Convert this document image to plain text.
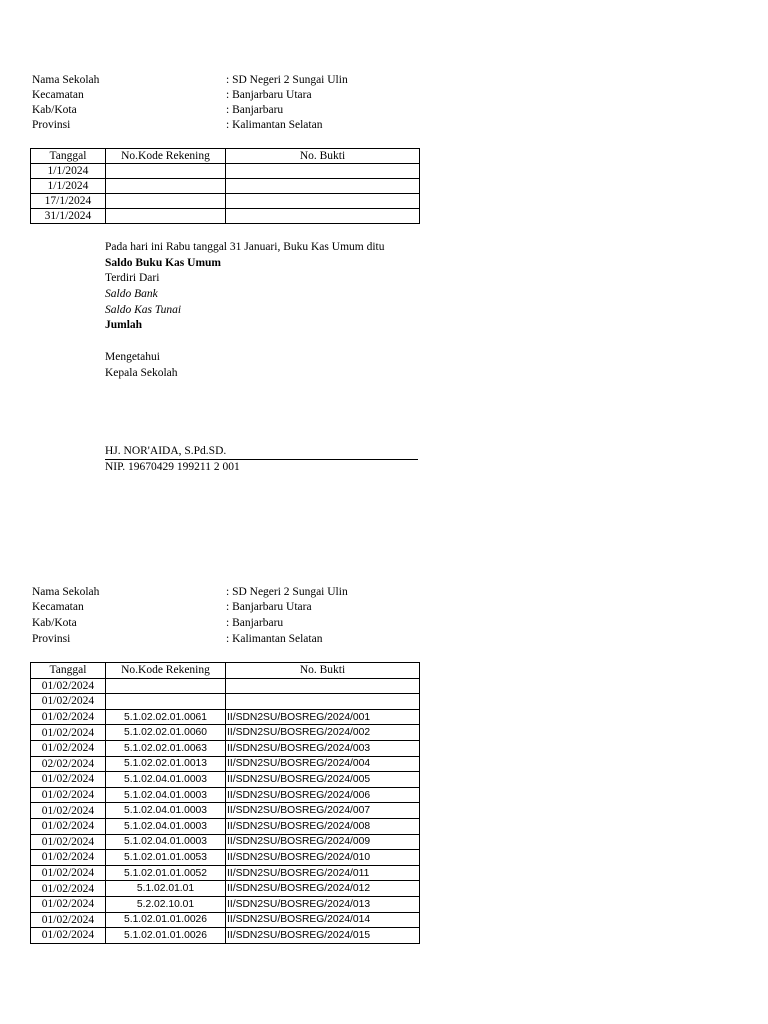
Nama Sekolah	: SD Negeri 2 Sungai Ulin
Kecamatan	: Banjarbaru Utara
Kab/Kota	: Banjarbaru
Provinsi	: Kalimantan Selatan
Tanggal	No.Kode Rekening	No. Bukti
1/1/2024		
1/1/2024		
17/1/2024		
31/1/2024		
Pada hari ini Rabu tanggal 31 Januari, Buku Kas Umum ditu
Saldo Buku Kas Umum
Terdiri Dari
Saldo Bank
Saldo Kas Tunai
Jumlah
Mengetahui
Kepala Sekolah
HJ. NOR'AIDA, S.Pd.SD.
NIP. 19670429 199211 2 001
Nama Sekolah	: SD Negeri 2 Sungai Ulin
Kecamatan	: Banjarbaru Utara
Kab/Kota	: Banjarbaru
Provinsi	: Kalimantan Selatan
Tanggal	No.Kode Rekening	No. Bukti
01/02/2024		
01/02/2024		
01/02/2024	5.1.02.02.01.0061	II/SDN2SU/BOSREG/2024/001
01/02/2024	5.1.02.02.01.0060	II/SDN2SU/BOSREG/2024/002
01/02/2024	5.1.02.02.01.0063	II/SDN2SU/BOSREG/2024/003
02/02/2024	5.1.02.02.01.0013	II/SDN2SU/BOSREG/2024/004
01/02/2024	5.1.02.04.01.0003	II/SDN2SU/BOSREG/2024/005
01/02/2024	5.1.02.04.01.0003	II/SDN2SU/BOSREG/2024/006
01/02/2024	5.1.02.04.01.0003	II/SDN2SU/BOSREG/2024/007
01/02/2024	5.1.02.04.01.0003	II/SDN2SU/BOSREG/2024/008
01/02/2024	5.1.02.04.01.0003	II/SDN2SU/BOSREG/2024/009
01/02/2024	5.1.02.01.01.0053	II/SDN2SU/BOSREG/2024/010
01/02/2024	5.1.02.01.01.0052	II/SDN2SU/BOSREG/2024/011
01/02/2024	5.1.02.01.01	II/SDN2SU/BOSREG/2024/012
01/02/2024	5.2.02.10.01	II/SDN2SU/BOSREG/2024/013
01/02/2024	5.1.02.01.01.0026	II/SDN2SU/BOSREG/2024/014
01/02/2024	5.1.02.01.01.0026	II/SDN2SU/BOSREG/2024/015
